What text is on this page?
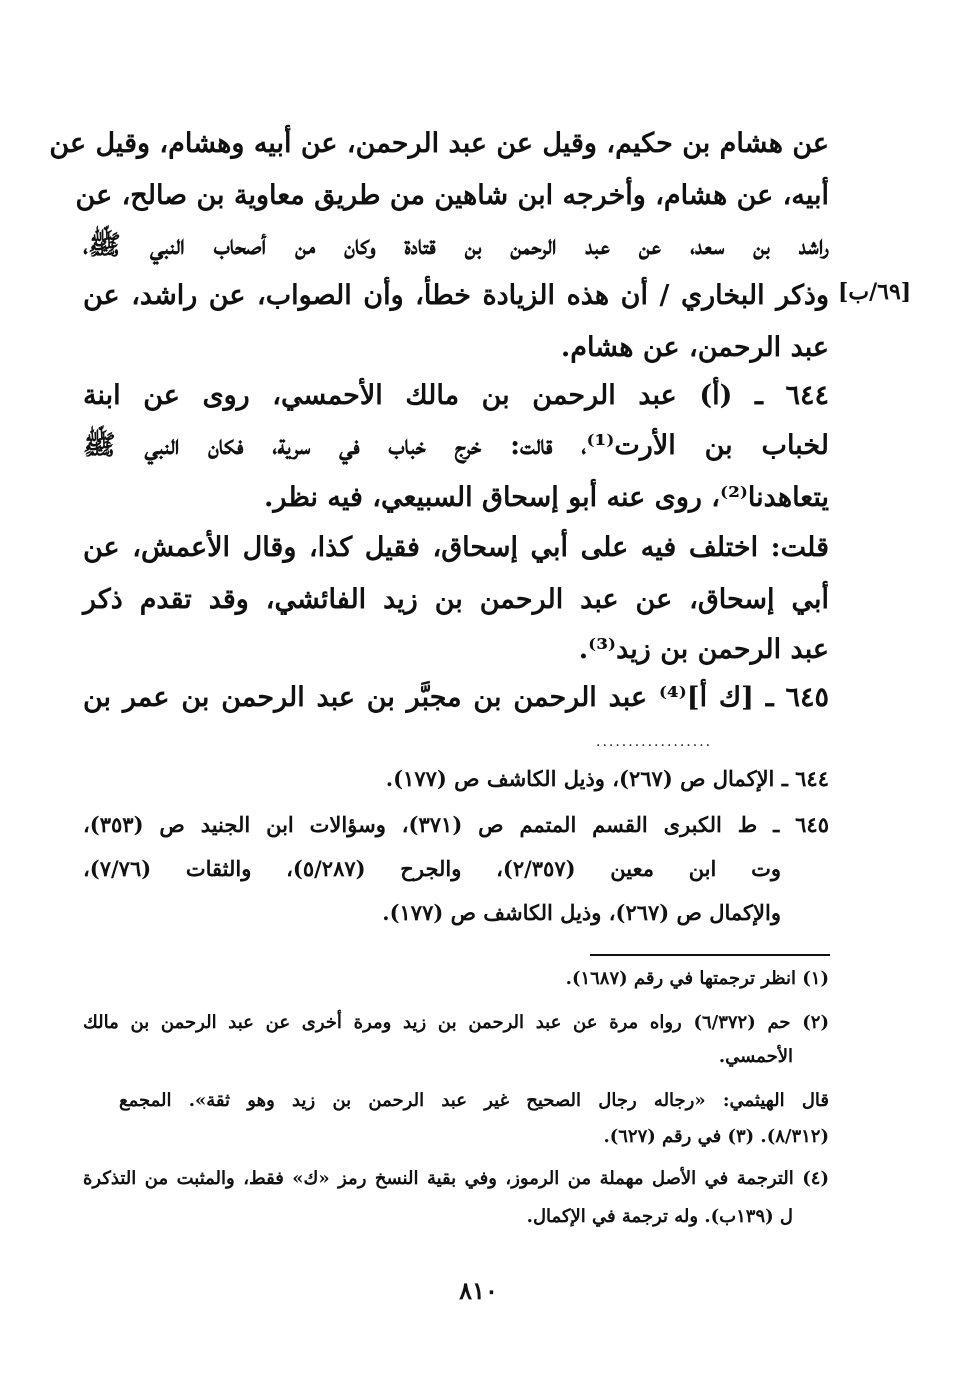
عن هشام بن حكيم، وقيل عن عبد الرحمن، عن أبيه وهشام، وقيل عن
أبيه، عن هشام، وأخرجه ابن شاهين من طريق معاوية بن صالح، عن
راشد بن سعد، عن عبد الرحمن بن قتادة وكان من أصحاب النبي ﷺ،
وذكر البخاري / أن هذه الزيادة خطأ، وأن الصواب، عن راشد، عن
عبد الرحمن، عن هشام.
[٦٩/ب]
٦٤٤ ـ (أ) عبد الرحمن بن مالك الأحمسي، روى عن ابنة
لخباب بن الأرت⁽¹⁾، قالت: خرج خباب في سرية، فكان النبي ﷺ
يتعاهدنا⁽²⁾، روى عنه أبو إسحاق السبيعي، فيه نظر.
قلت: اختلف فيه على أبي إسحاق، فقيل كذا، وقال الأعمش، عن
أبي إسحاق، عن عبد الرحمن بن زيد الفائشي، وقد تقدم ذكر
عبد الرحمن بن زيد⁽³⁾.
٦٤٥ ـ [ك أ]⁽⁴⁾ عبد الرحمن بن مجبَّر بن عبد الرحمن بن عمر بن
..................
٦٤٤ ـ الإكمال ص (٢٦٧)، وذيل الكاشف ص (١٧٧).
٦٤٥ ـ ط الكبرى القسم المتمم ص (٣٧١)، وسؤالات ابن الجنيد ص (٣٥٣)،
وت ابن معين (٢/٣٥٧)، والجرح (٥/٢٨٧)، والثقات (٧/٧٦)،
والإكمال ص (٢٦٧)، وذيل الكاشف ص (١٧٧).
(١) انظر ترجمتها في رقم (١٦٨٧).
(٢) حم (٦/٣٧٢) رواه مرة عن عبد الرحمن بن زيد ومرة أخرى عن عبد الرحمن بن مالك
الأحمسي.
قال الهيثمي: «رجاله رجال الصحيح غير عبد الرحمن بن زيد وهو ثقة». المجمع
(٨/٣١٢). (٣) في رقم (٦٢٧).
(٤) الترجمة في الأصل مهملة من الرموز، وفي بقية النسخ رمز «ك» فقط، والمثبت من التذكرة
ل (١٣٩ب). وله ترجمة في الإكمال.
٨١٠
